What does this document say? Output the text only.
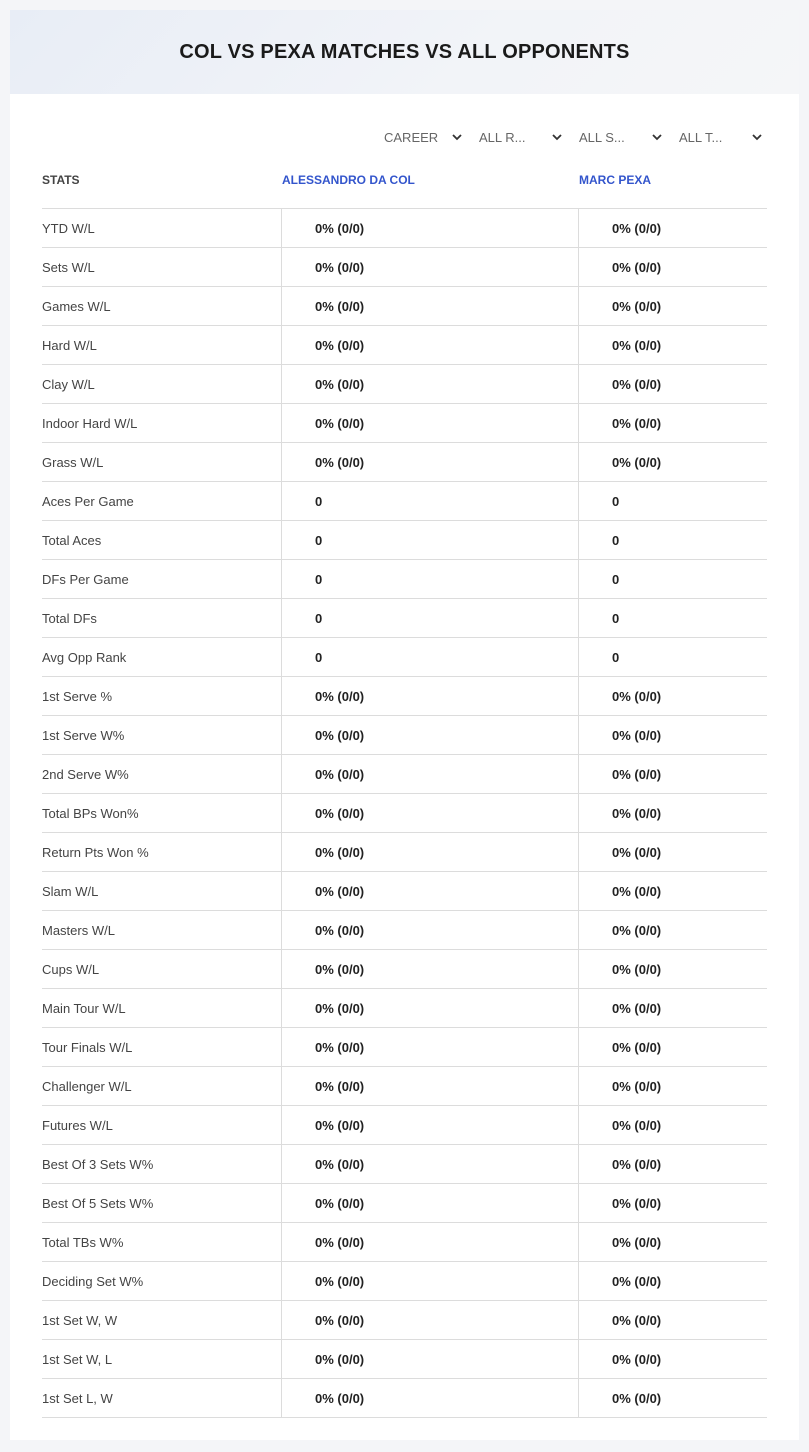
COL VS PEXA MATCHES VS ALL OPPONENTS
CAREER	ALL R...	ALL S...	ALL T...
STATS	ALESSANDRO DA COL	MARC PEXA
YTD W/L	0% (0/0)	0% (0/0)
Sets W/L	0% (0/0)	0% (0/0)
Games W/L	0% (0/0)	0% (0/0)
Hard W/L	0% (0/0)	0% (0/0)
Clay W/L	0% (0/0)	0% (0/0)
Indoor Hard W/L	0% (0/0)	0% (0/0)
Grass W/L	0% (0/0)	0% (0/0)
Aces Per Game	0	0
Total Aces	0	0
DFs Per Game	0	0
Total DFs	0	0
Avg Opp Rank	0	0
1st Serve %	0% (0/0)	0% (0/0)
1st Serve W%	0% (0/0)	0% (0/0)
2nd Serve W%	0% (0/0)	0% (0/0)
Total BPs Won%	0% (0/0)	0% (0/0)
Return Pts Won %	0% (0/0)	0% (0/0)
Slam W/L	0% (0/0)	0% (0/0)
Masters W/L	0% (0/0)	0% (0/0)
Cups W/L	0% (0/0)	0% (0/0)
Main Tour W/L	0% (0/0)	0% (0/0)
Tour Finals W/L	0% (0/0)	0% (0/0)
Challenger W/L	0% (0/0)	0% (0/0)
Futures W/L	0% (0/0)	0% (0/0)
Best Of 3 Sets W%	0% (0/0)	0% (0/0)
Best Of 5 Sets W%	0% (0/0)	0% (0/0)
Total TBs W%	0% (0/0)	0% (0/0)
Deciding Set W%	0% (0/0)	0% (0/0)
1st Set W, W	0% (0/0)	0% (0/0)
1st Set W, L	0% (0/0)	0% (0/0)
1st Set L, W	0% (0/0)	0% (0/0)
